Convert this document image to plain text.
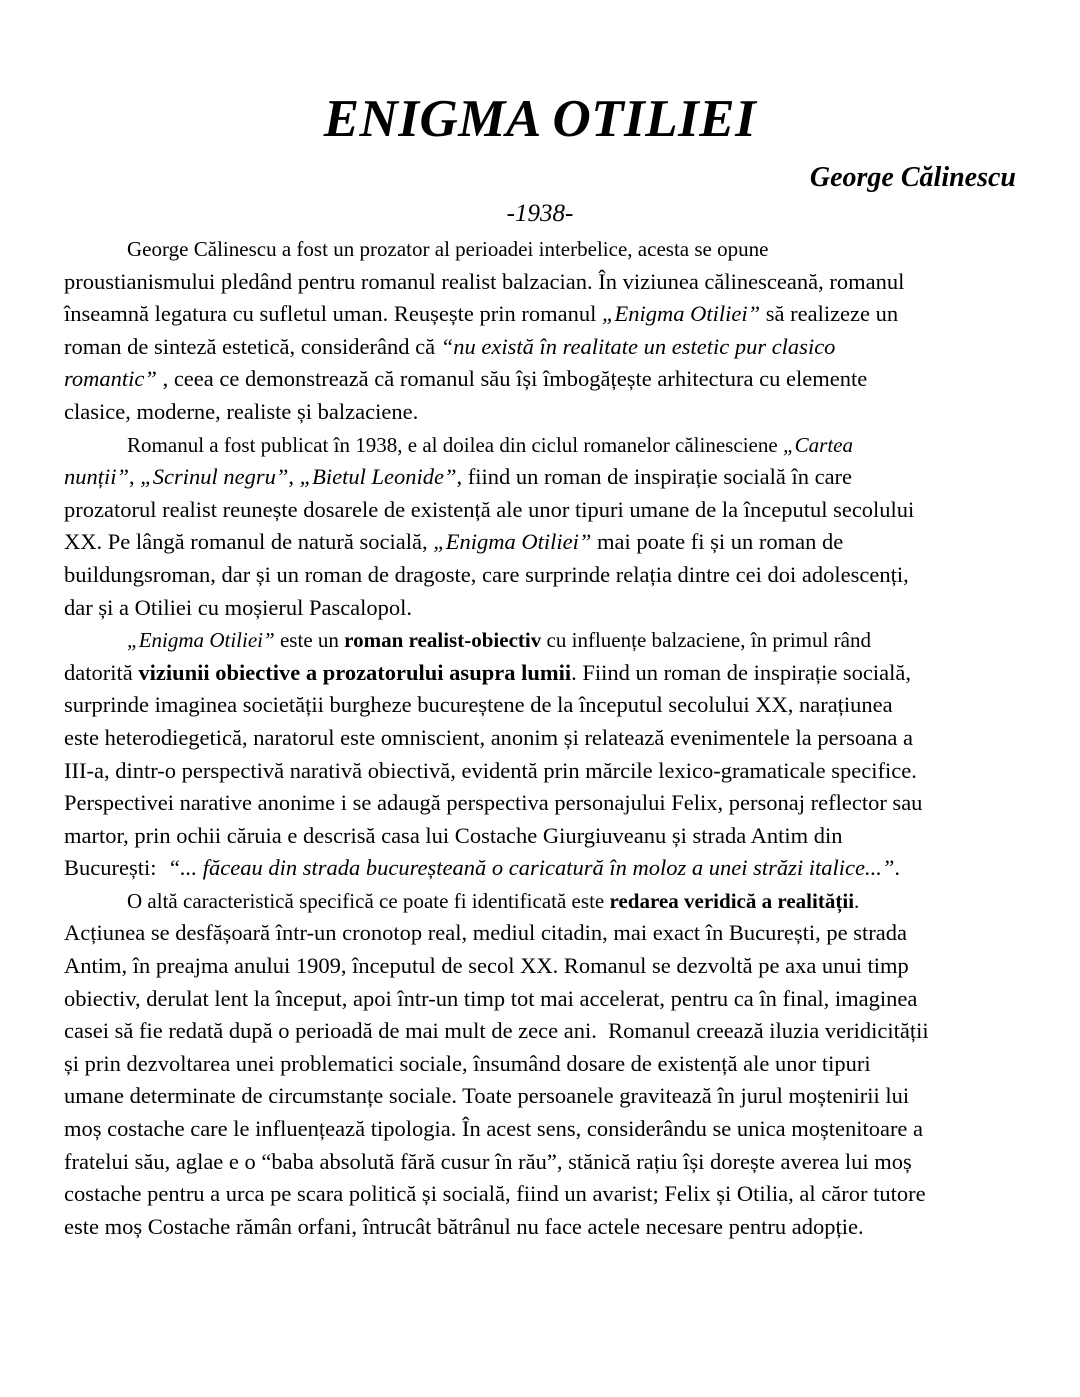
ENIGMA OTILIEI
George Călinescu
-1938-

George Călinescu a fost un prozator al perioadei interbelice, acesta se opune

proustianismului pledând pentru romanul realist balzacian. În viziunea călinesceană, romanul
înseamnă legatura cu sufletul uman. Reușește prin romanul „Enigma Otiliei” să realizeze un
roman de sinteză estetică, considerând că “nu există în realitate un estetic pur clasico
romantic” , ceea ce demonstrează că romanul său își îmbogățește arhitectura cu elemente
clasice, moderne, realiste și balzaciene.

Romanul a fost publicat în 1938, e al doilea din ciclul romanelor călinesciene „Cartea

nunții”, „Scrinul negru”, „Bietul Leonide”, fiind un roman de inspirație socială în care
prozatorul realist reunește dosarele de existență ale unor tipuri umane de la începutul secolului
XX. Pe lângă romanul de natură socială, „Enigma Otiliei” mai poate fi și un roman de
buildungsroman, dar și un roman de dragoste, care surprinde relația dintre cei doi adolescenți,
dar și a Otiliei cu moșierul Pascalopol.

„Enigma Otiliei” este un roman realist-obiectiv cu influențe balzaciene, în primul rând

datorită viziunii obiective a prozatorului asupra lumii. Fiind un roman de inspirație socială,
surprinde imaginea societății burgheze bucureștene de la începutul secolului XX, narațiunea
este heterodiegetică, naratorul este omniscient, anonim și relatează evenimentele la persoana a
III-a, dintr-o perspectivă narativă obiectivă, evidentă prin mărcile lexico-gramaticale specifice.
Perspectivei narative anonime i se adaugă perspectiva personajului Felix, personaj reflector sau
martor, prin ochii căruia e descrisă casa lui Costache Giurgiuveanu și strada Antim din
București:  “... făceau din strada bucureșteană o caricatură în moloz a unei străzi italice...”.

O altă caracteristică specifică ce poate fi identificată este redarea veridică a realității.

Acțiunea se desfășoară într-un cronotop real, mediul citadin, mai exact în București, pe strada
Antim, în preajma anului 1909, începutul de secol XX. Romanul se dezvoltă pe axa unui timp
obiectiv, derulat lent la început, apoi într-un timp tot mai accelerat, pentru ca în final, imaginea
casei să fie redată după o perioadă de mai mult de zece ani.  Romanul creează iluzia veridicității
și prin dezvoltarea unei problematici sociale, însumând dosare de existență ale unor tipuri
umane determinate de circumstanțe sociale. Toate persoanele gravitează în jurul moștenirii lui
moș costache care le influențează tipologia. În acest sens, considerându se unica moștenitoare a
fratelui său, aglae e o “baba absolută fără cusur în rău”, stănică rațiu își dorește averea lui moș
costache pentru a urca pe scara politică și socială, fiind un avarist; Felix și Otilia, al căror tutore
este moș Costache rămân orfani, întrucât bătrânul nu face actele necesare pentru adopție.
